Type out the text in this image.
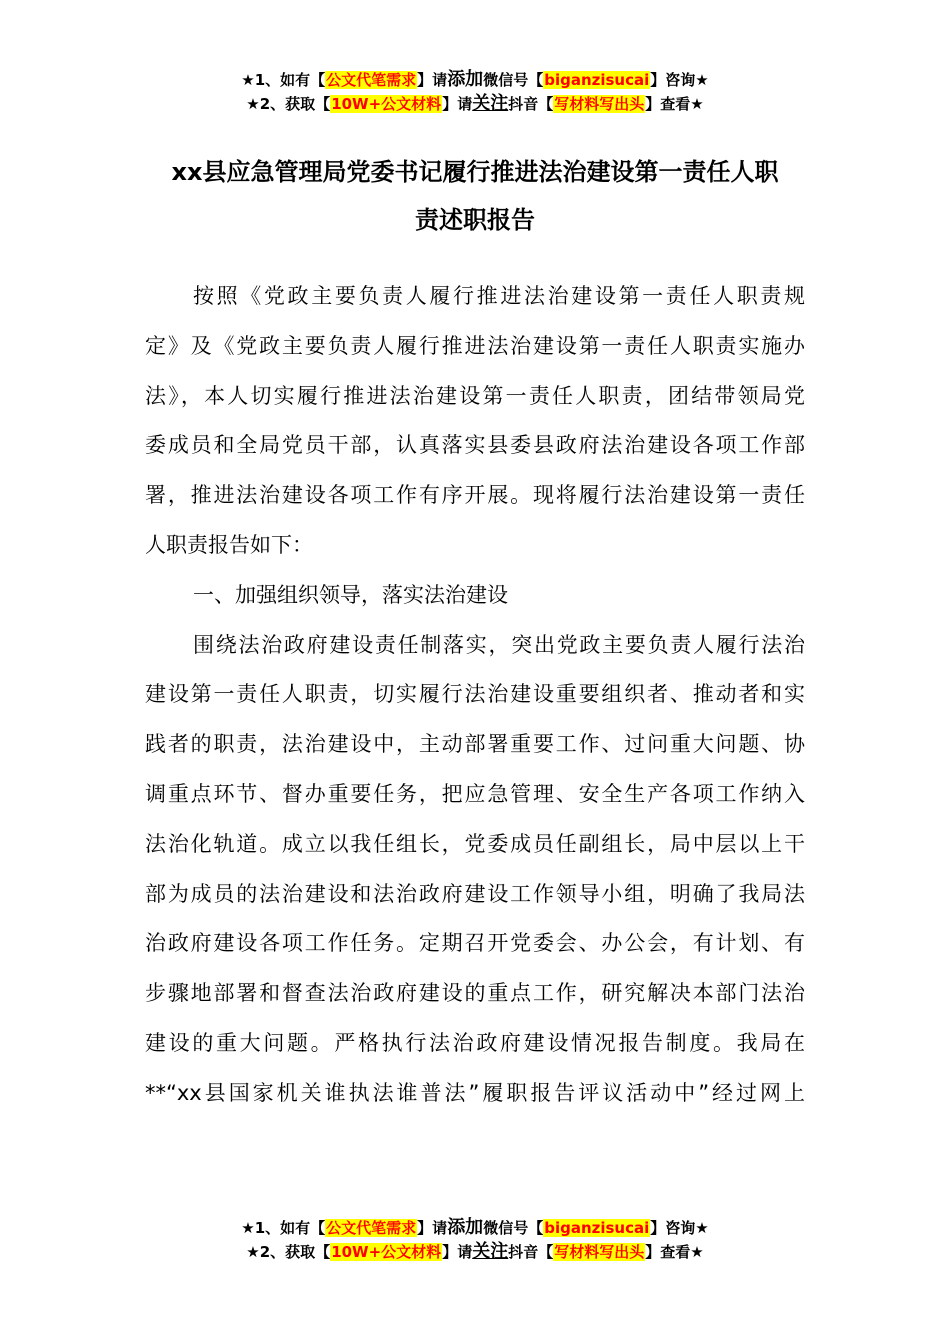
★1、如有【公文代笔需求】请添加微信号【biganzisucai】咨询★
★2、获取【10W+公文材料】请关注抖音【写材料写出头】查看★
xx县应急管理局党委书记履行推进法治建设第一责任人职
责述职报告
按照《党政主要负责人履行推进法治建设第一责任人职责规
定》及《党政主要负责人履行推进法治建设第一责任人职责实施办
法》，本人切实履行推进法治建设第一责任人职责，团结带领局党
委成员和全局党员干部，认真落实县委县政府法治建设各项工作部
署，推进法治建设各项工作有序开展。现将履行法治建设第一责任
人职责报告如下：
一、加强组织领导，落实法治建设
围绕法治政府建设责任制落实，突出党政主要负责人履行法治
建设第一责任人职责，切实履行法治建设重要组织者、推动者和实
践者的职责，法治建设中，主动部署重要工作、过问重大问题、协
调重点环节、督办重要任务，把应急管理、安全生产各项工作纳入
法治化轨道。成立以我任组长，党委成员任副组长，局中层以上干
部为成员的法治建设和法治政府建设工作领导小组，明确了我局法
治政府建设各项工作任务。定期召开党委会、办公会，有计划、有
步骤地部署和督查法治政府建设的重点工作，研究解决本部门法治
建设的重大问题。严格执行法治政府建设情况报告制度。我局在
**“xx县国家机关谁执法谁普法”履职报告评议活动中”经过网上
★1、如有【公文代笔需求】请添加微信号【biganzisucai】咨询★
★2、获取【10W+公文材料】请关注抖音【写材料写出头】查看★
